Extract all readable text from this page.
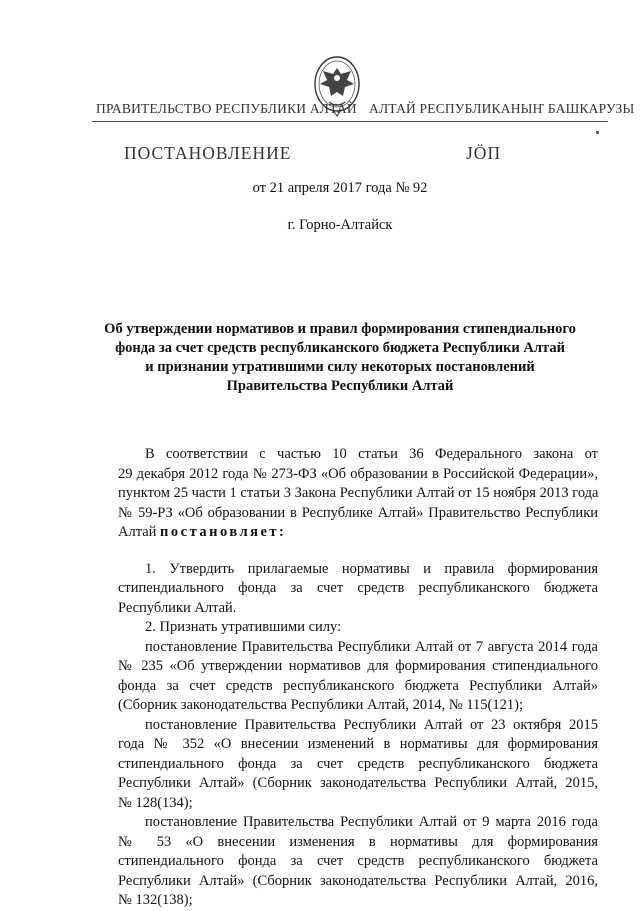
ПРАВИТЕЛЬСТВО РЕСПУБЛИКИ АЛТАЙ АЛТАЙ РЕСПУБЛИКАНЫҤ БАШКАРУЗЫ
ПОСТАНОВЛЕНИЕ	ЈӦП
от 21 апреля 2017 года № 92
г. Горно-Алтайск
Об утверждении нормативов и правил формирования стипендиального
фонда за счет средств республиканского бюджета Республики Алтай
и признании утратившими силу некоторых постановлений
Правительства Республики Алтай
В соответствии с частью 10 статьи 36 Федерального закона от
29 декабря 2012 года № 273-ФЗ «Об образовании в Российской Федерации»,
пунктом 25 части 1 статьи 3 Закона Республики Алтай от 15 ноября 2013 года
№ 59-РЗ «Об образовании в Республике Алтай» Правительство Республики
Алтай постановляет:
1. Утвердить прилагаемые нормативы и правила формирования
стипендиального фонда за счет средств республиканского бюджета
Республики Алтай.
2. Признать утратившими силу:
постановление Правительства Республики Алтай от 7 августа 2014 года
№ 235 «Об утверждении нормативов для формирования стипендиального
фонда за счет средств республиканского бюджета Республики Алтай»
(Сборник законодательства Республики Алтай, 2014, № 115(121);
постановление Правительства Республики Алтай от 23 октября 2015
года № 352 «О внесении изменений в нормативы для формирования
стипендиального фонда за счет средств республиканского бюджета
Республики Алтай» (Сборник законодательства Республики Алтай, 2015,
№ 128(134);
постановление Правительства Республики Алтай от 9 марта 2016 года
№ 53 «О внесении изменения в нормативы для формирования
стипендиального фонда за счет средств республиканского бюджета
Республики Алтай» (Сборник законодательства Республики Алтай, 2016,
№ 132(138);
